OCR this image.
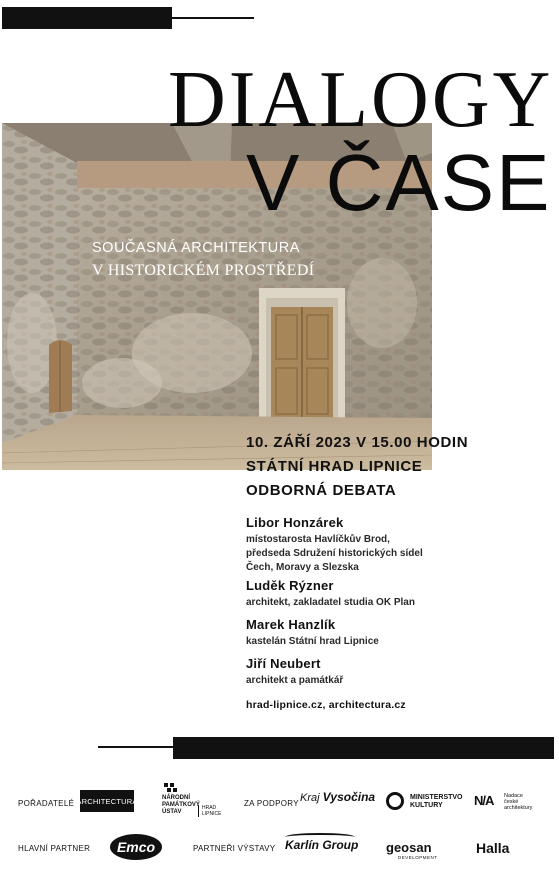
DIALOGY
V ČASE
SOUČASNÁ ARCHITEKTURA
V HISTORICKÉM PROSTŘEDÍ
10. ZÁŘÍ 2023 V 15.00 HODIN
STÁTNÍ HRAD LIPNICE
ODBORNÁ DEBATA
Libor Honzárek
místostarosta Havlíčkův Brod,
předseda Sdružení historických sídel
Čech, Moravy a Slezska
Luděk Rýzner
architekt, zakladatel studia OK Plan
Marek Hanzlík
kastelán Státní hrad Lipnice
Jiří Neubert
architekt a památkář
hrad-lipnice.cz, architectura.cz
POŘADATELÉ	ZA PODPORY
HLAVNÍ PARTNER	PARTNEŘI VÝSTAVY
ARCHITECTURA	NÁRODNÍ
PAMÁTKOVÝ
ÚSTAV
HRAD
LIPNICE
Kraj Vysočina	MINISTERSTVO
KULTURY	N/A Nadace
české
architektury
Emco	Karlín Group geosan
DEVELOPMENT
Halla
